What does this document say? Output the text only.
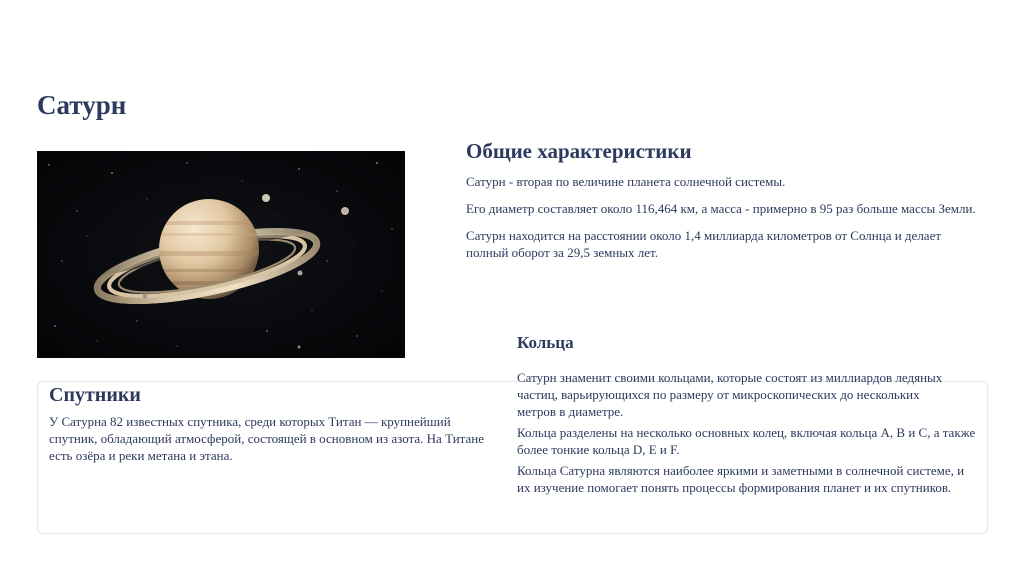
Сатурн
Общие характеристики

Сатурн - вторая по величине планета солнечной системы.

Его диаметр составляет около 116,464 км, а масса - примерно в 95 раз больше массы Земли.

Сатурн находится на расстоянии около 1,4 миллиарда километров от Солнца и делает полный оборот за 29,5 земных лет.

Спутники

У Сатурна 82 известных спутника, среди которых Титан — крупнейший спутник, обладающий атмосферой, состоящей в основном из азота. На Титане есть озёра и реки метана и этана.

Кольца

Сатурн знаменит своими кольцами, которые состоят из миллиардов ледяных частиц, варьирующихся по размеру от микроскопических до нескольких метров в диаметре.

Кольца разделены на несколько основных колец, включая кольца A, B и C, а также более тонкие кольца D, E и F.

Кольца Сатурна являются наиболее яркими и заметными в солнечной системе, и их изучение помогает понять процессы формирования планет и их спутников.
